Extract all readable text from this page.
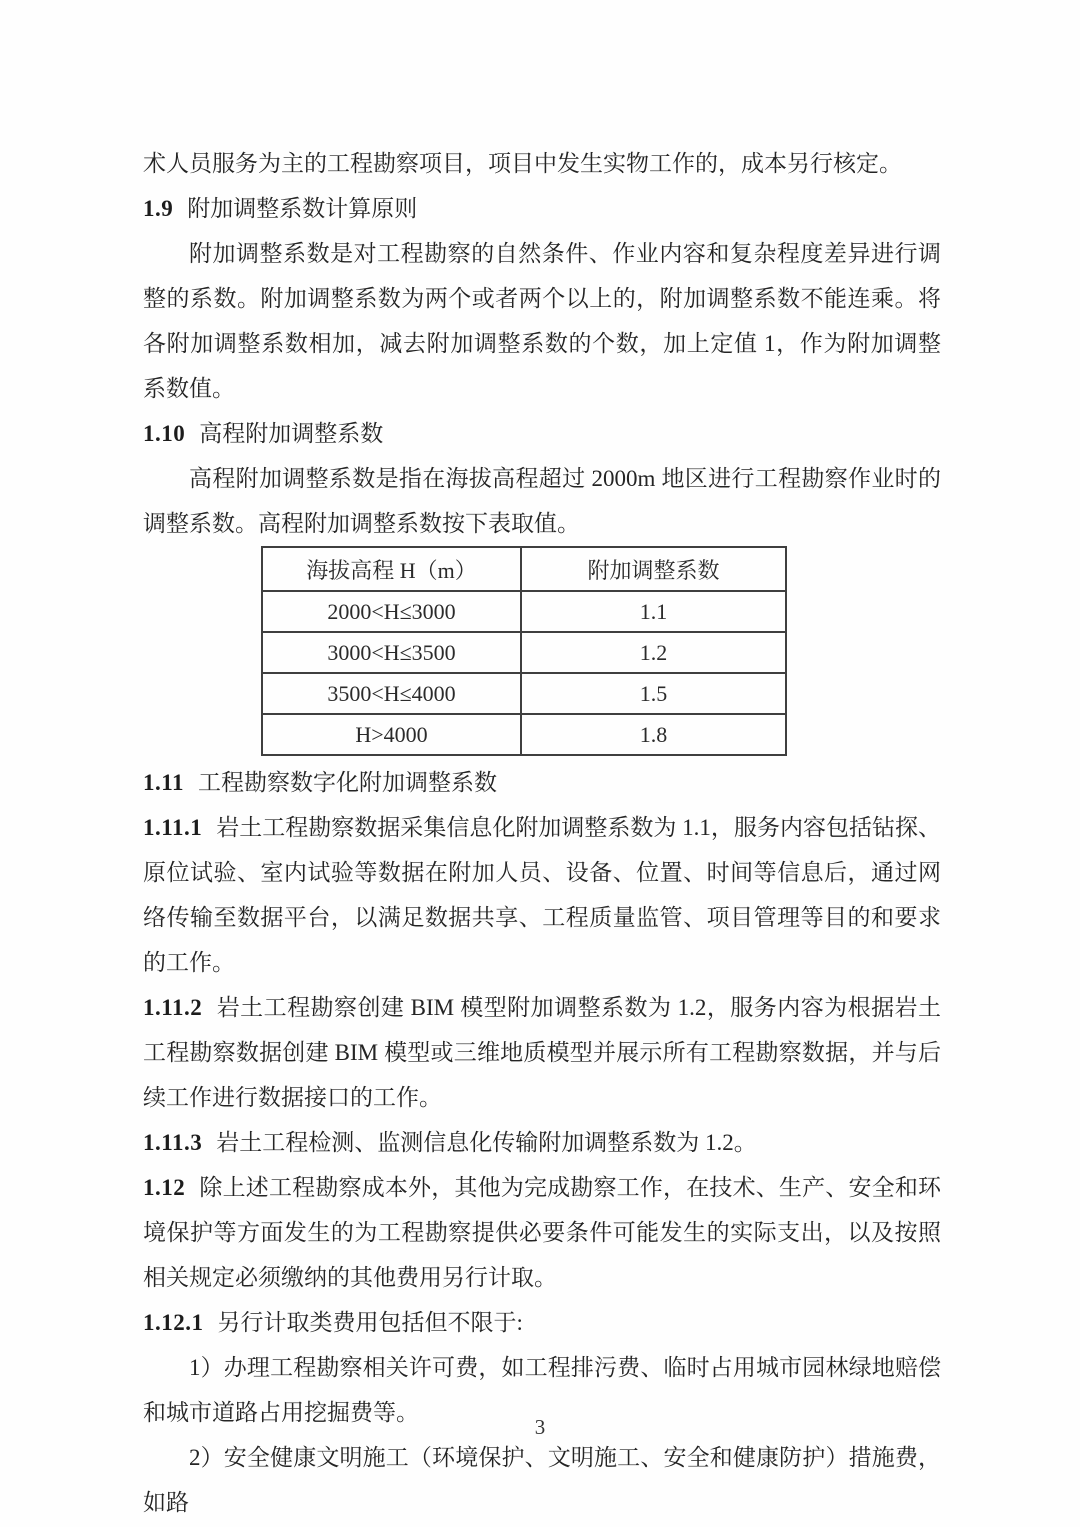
术人员服务为主的工程勘察项目，项目中发生实物工作的，成本另行核定。

1.9 附加调整系数计算原则

附加调整系数是对工程勘察的自然条件、作业内容和复杂程度差异进行调整的系数。附加调整系数为两个或者两个以上的，附加调整系数不能连乘。将各附加调整系数相加，减去附加调整系数的个数，加上定值 1，作为附加调整系数值。

1.10 高程附加调整系数

高程附加调整系数是指在海拔高程超过 2000m 地区进行工程勘察作业时的调整系数。高程附加调整系数按下表取值。

海拔高程 H（m）	附加调整系数
2000<H≤3000	1.1
3000<H≤3500	1.2
3500<H≤4000	1.5
H>4000	1.8

1.11 工程勘察数字化附加调整系数

1.11.1 岩土工程勘察数据采集信息化附加调整系数为 1.1，服务内容包括钻探、原位试验、室内试验等数据在附加人员、设备、位置、时间等信息后，通过网络传输至数据平台，以满足数据共享、工程质量监管、项目管理等目的和要求的工作。

1.11.2 岩土工程勘察创建 BIM 模型附加调整系数为 1.2，服务内容为根据岩土工程勘察数据创建 BIM 模型或三维地质模型并展示所有工程勘察数据，并与后续工作进行数据接口的工作。

1.11.3 岩土工程检测、监测信息化传输附加调整系数为 1.2。

1.12 除上述工程勘察成本外，其他为完成勘察工作，在技术、生产、安全和环境保护等方面发生的为工程勘察提供必要条件可能发生的实际支出，以及按照相关规定必须缴纳的其他费用另行计取。

1.12.1 另行计取类费用包括但不限于:

1）办理工程勘察相关许可费，如工程排污费、临时占用城市园林绿地赔偿和城市道路占用挖掘费等。

2）安全健康文明施工（环境保护、文明施工、安全和健康防护）措施费，如路

3
